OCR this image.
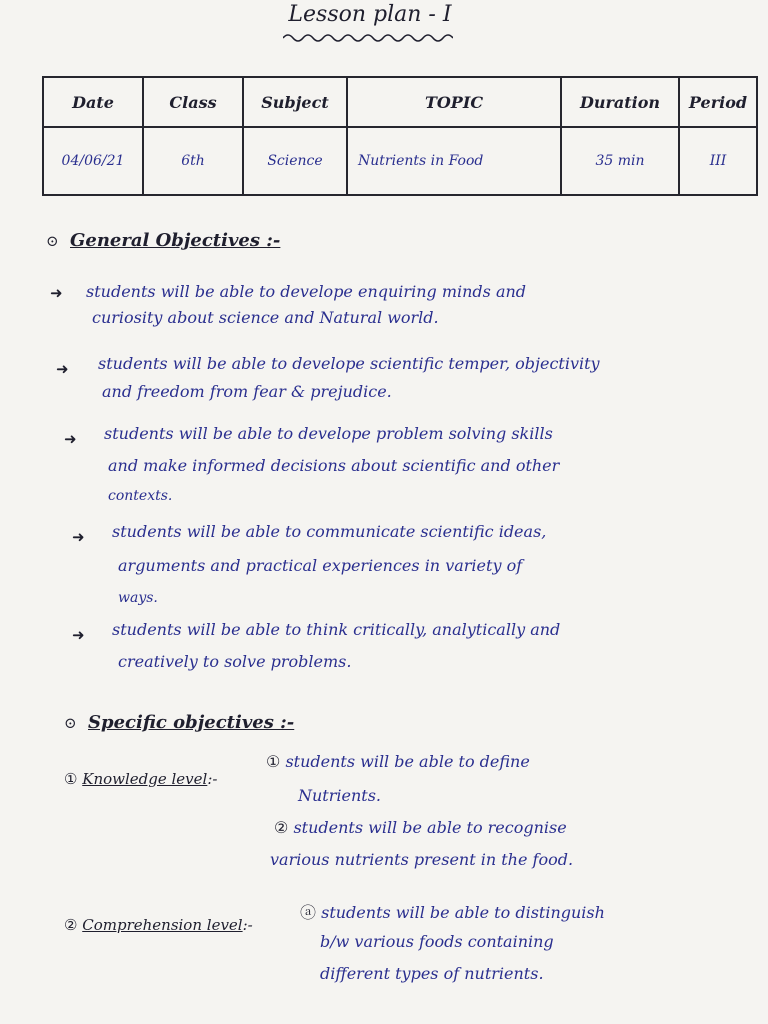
Lesson plan - I
Date	Class	Subject	TOPIC	Duration	Period
04/06/21	6th	Science	Nutrients in Food	35 min	III
⊙ General Objectives :-
➜ students will be able to develope enquiring minds and
curiosity about science and Natural world.
➜ students will be able to develope scientific temper, objectivity
and freedom from fear & prejudice.
➜ students will be able to develope problem solving skills
and make informed decisions about scientific and other
contexts.
➜ students will be able to communicate scientific ideas,
arguments and practical experiences in variety of
ways.
➜ students will be able to think critically, analytically and
creatively to solve problems.
⊙ Specific objectives :-
① Knowledge level:-
① students will be able to define
Nutrients.
② students will be able to recognise
various nutrients present in the food.
② Comprehension level:-
ⓐ students will be able to distinguish
b/w various foods containing
different types of nutrients.
